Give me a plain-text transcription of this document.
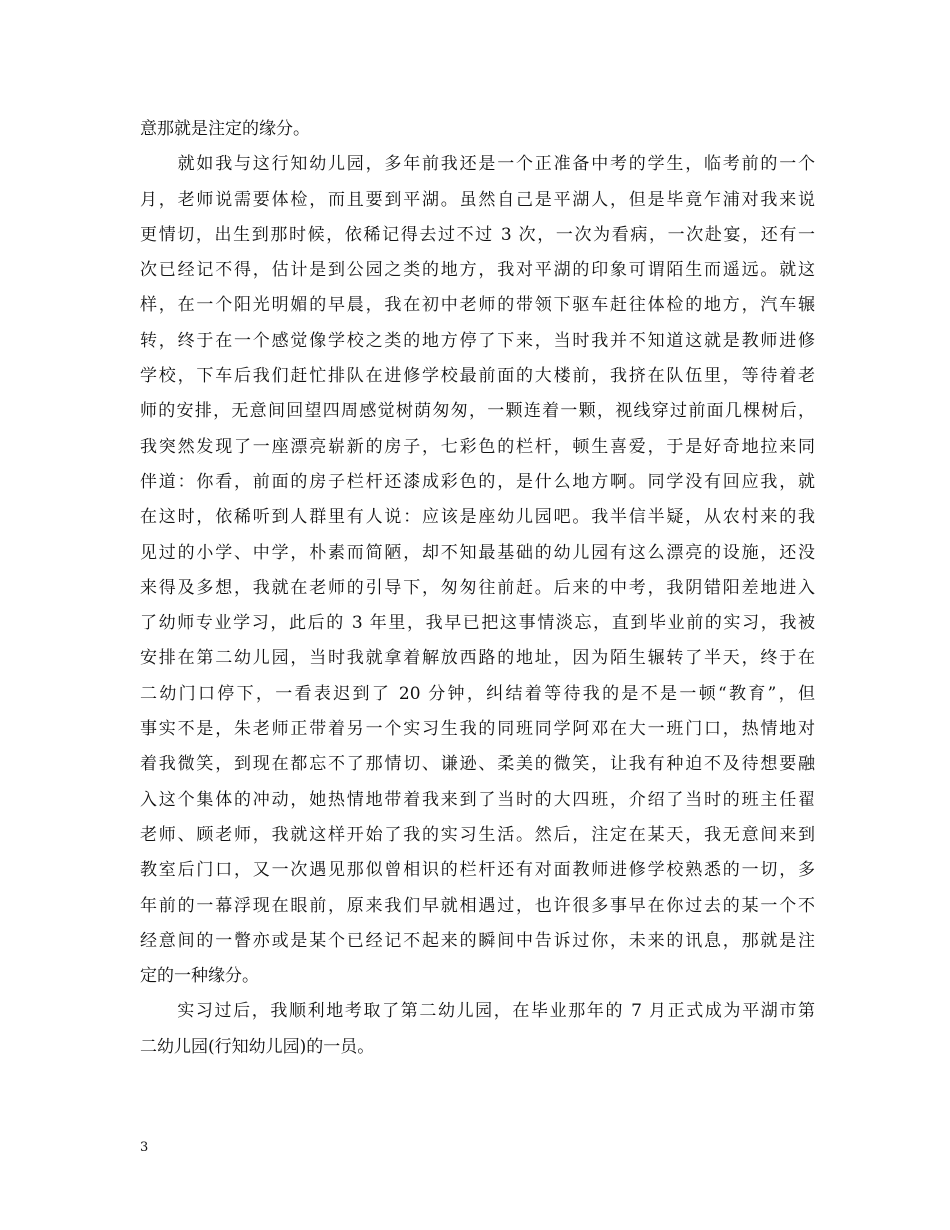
意那就是注定的缘分。
　　就如我与这行知幼儿园，多年前我还是一个正准备中考的学生，临考前的一个
月，老师说需要体检，而且要到平湖。虽然自己是平湖人，但是毕竟乍浦对我来说
更情切，出生到那时候，依稀记得去过不过 3 次，一次为看病，一次赴宴，还有一
次已经记不得，估计是到公园之类的地方，我对平湖的印象可谓陌生而遥远。就这
样，在一个阳光明媚的早晨，我在初中老师的带领下驱车赶往体检的地方，汽车辗
转，终于在一个感觉像学校之类的地方停了下来，当时我并不知道这就是教师进修
学校，下车后我们赶忙排队在进修学校最前面的大楼前，我挤在队伍里，等待着老
师的安排，无意间回望四周感觉树荫匆匆，一颗连着一颗，视线穿过前面几棵树后，
我突然发现了一座漂亮崭新的房子，七彩色的栏杆，顿生喜爱，于是好奇地拉来同
伴道：你看，前面的房子栏杆还漆成彩色的，是什么地方啊。同学没有回应我，就
在这时，依稀听到人群里有人说：应该是座幼儿园吧。我半信半疑，从农村来的我
见过的小学、中学，朴素而简陋，却不知最基础的幼儿园有这么漂亮的设施，还没
来得及多想，我就在老师的引导下，匆匆往前赶。后来的中考，我阴错阳差地进入
了幼师专业学习，此后的 3 年里，我早已把这事情淡忘，直到毕业前的实习，我被
安排在第二幼儿园，当时我就拿着解放西路的地址，因为陌生辗转了半天，终于在
二幼门口停下，一看表迟到了 20 分钟，纠结着等待我的是不是一顿“教育”，但
事实不是，朱老师正带着另一个实习生我的同班同学阿邓在大一班门口，热情地对
着我微笑，到现在都忘不了那情切、谦逊、柔美的微笑，让我有种迫不及待想要融
入这个集体的冲动，她热情地带着我来到了当时的大四班，介绍了当时的班主任翟
老师、顾老师，我就这样开始了我的实习生活。然后，注定在某天，我无意间来到
教室后门口，又一次遇见那似曾相识的栏杆还有对面教师进修学校熟悉的一切，多
年前的一幕浮现在眼前，原来我们早就相遇过，也许很多事早在你过去的某一个不
经意间的一瞥亦或是某个已经记不起来的瞬间中告诉过你，未来的讯息，那就是注
定的一种缘分。
　　实习过后，我顺利地考取了第二幼儿园，在毕业那年的 7 月正式成为平湖市第
二幼儿园(行知幼儿园)的一员。
3
